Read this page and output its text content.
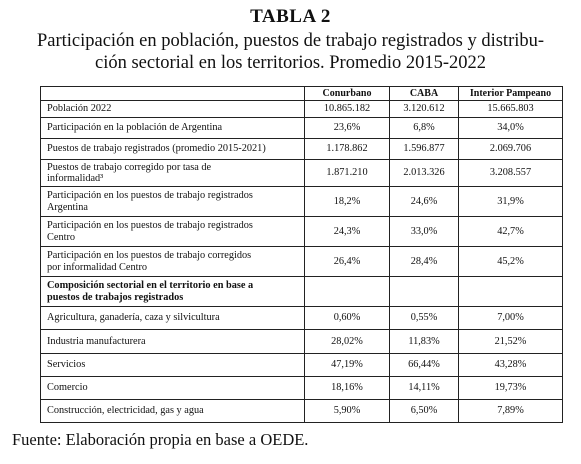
TABLA 2
Participación en población, puestos de trabajo registrados y distribu-
ción sectorial en los territorios. Promedio 2015-2022
	Conurbano	CABA	Interior Pampeano
Población 2022	10.865.182	3.120.612	15.665.803
Participación en la población de Argentina	23,6%	6,8%	34,0%
Puestos de trabajo registrados (promedio 2015-2021)	1.178.862	1.596.877	2.069.706
Puestos de trabajo corregido por tasa de
informalidad³	1.871.210	2.013.326	3.208.557
Participación en los puestos de trabajo registrados
Argentina	18,2%	24,6%	31,9%
Participación en los puestos de trabajo registrados
Centro	24,3%	33,0%	42,7%
Participación en los puestos de trabajo corregidos
por informalidad Centro	26,4%	28,4%	45,2%
Composición sectorial en el territorio en base a
puestos de trabajos registrados			
Agricultura, ganadería, caza y silvicultura	0,60%	0,55%	7,00%
Industria manufacturera	28,02%	11,83%	21,52%
Servicios	47,19%	66,44%	43,28%
Comercio	18,16%	14,11%	19,73%
Construcción, electricidad, gas y agua	5,90%	6,50%	7,89%
Fuente: Elaboración propia en base a OEDE.
